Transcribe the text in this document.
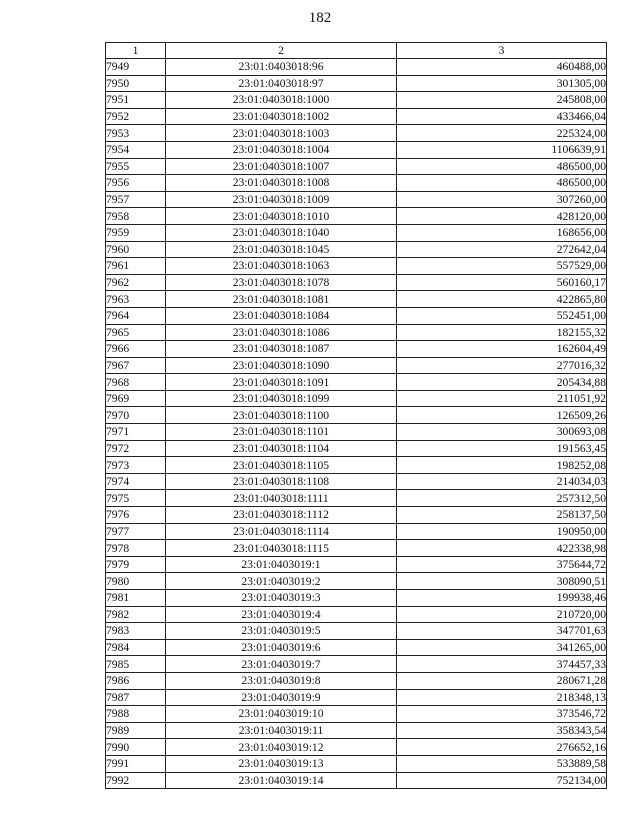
182
1	2	3
7949	23:01:0403018:96	460488,00
7950	23:01:0403018:97	301305,00
7951	23:01:0403018:1000	245808,00
7952	23:01:0403018:1002	433466,04
7953	23:01:0403018:1003	225324,00
7954	23:01:0403018:1004	1106639,91
7955	23:01:0403018:1007	486500,00
7956	23:01:0403018:1008	486500,00
7957	23:01:0403018:1009	307260,00
7958	23:01:0403018:1010	428120,00
7959	23:01:0403018:1040	168656,00
7960	23:01:0403018:1045	272642,04
7961	23:01:0403018:1063	557529,00
7962	23:01:0403018:1078	560160,17
7963	23:01:0403018:1081	422865,80
7964	23:01:0403018:1084	552451,00
7965	23:01:0403018:1086	182155,32
7966	23:01:0403018:1087	162604,49
7967	23:01:0403018:1090	277016,32
7968	23:01:0403018:1091	205434,88
7969	23:01:0403018:1099	211051,92
7970	23:01:0403018:1100	126509,26
7971	23:01:0403018:1101	300693,08
7972	23:01:0403018:1104	191563,45
7973	23:01:0403018:1105	198252,08
7974	23:01:0403018:1108	214034,03
7975	23:01:0403018:1111	257312,50
7976	23:01:0403018:1112	258137,50
7977	23:01:0403018:1114	190950,00
7978	23:01:0403018:1115	422338,98
7979	23:01:0403019:1	375644,72
7980	23:01:0403019:2	308090,51
7981	23:01:0403019:3	199938,46
7982	23:01:0403019:4	210720,00
7983	23:01:0403019:5	347701,63
7984	23:01:0403019:6	341265,00
7985	23:01:0403019:7	374457,33
7986	23:01:0403019:8	280671,28
7987	23:01:0403019:9	218348,13
7988	23:01:0403019:10	373546,72
7989	23:01:0403019:11	358343,54
7990	23:01:0403019:12	276652,16
7991	23:01:0403019:13	533889,58
7992	23:01:0403019:14	752134,00
